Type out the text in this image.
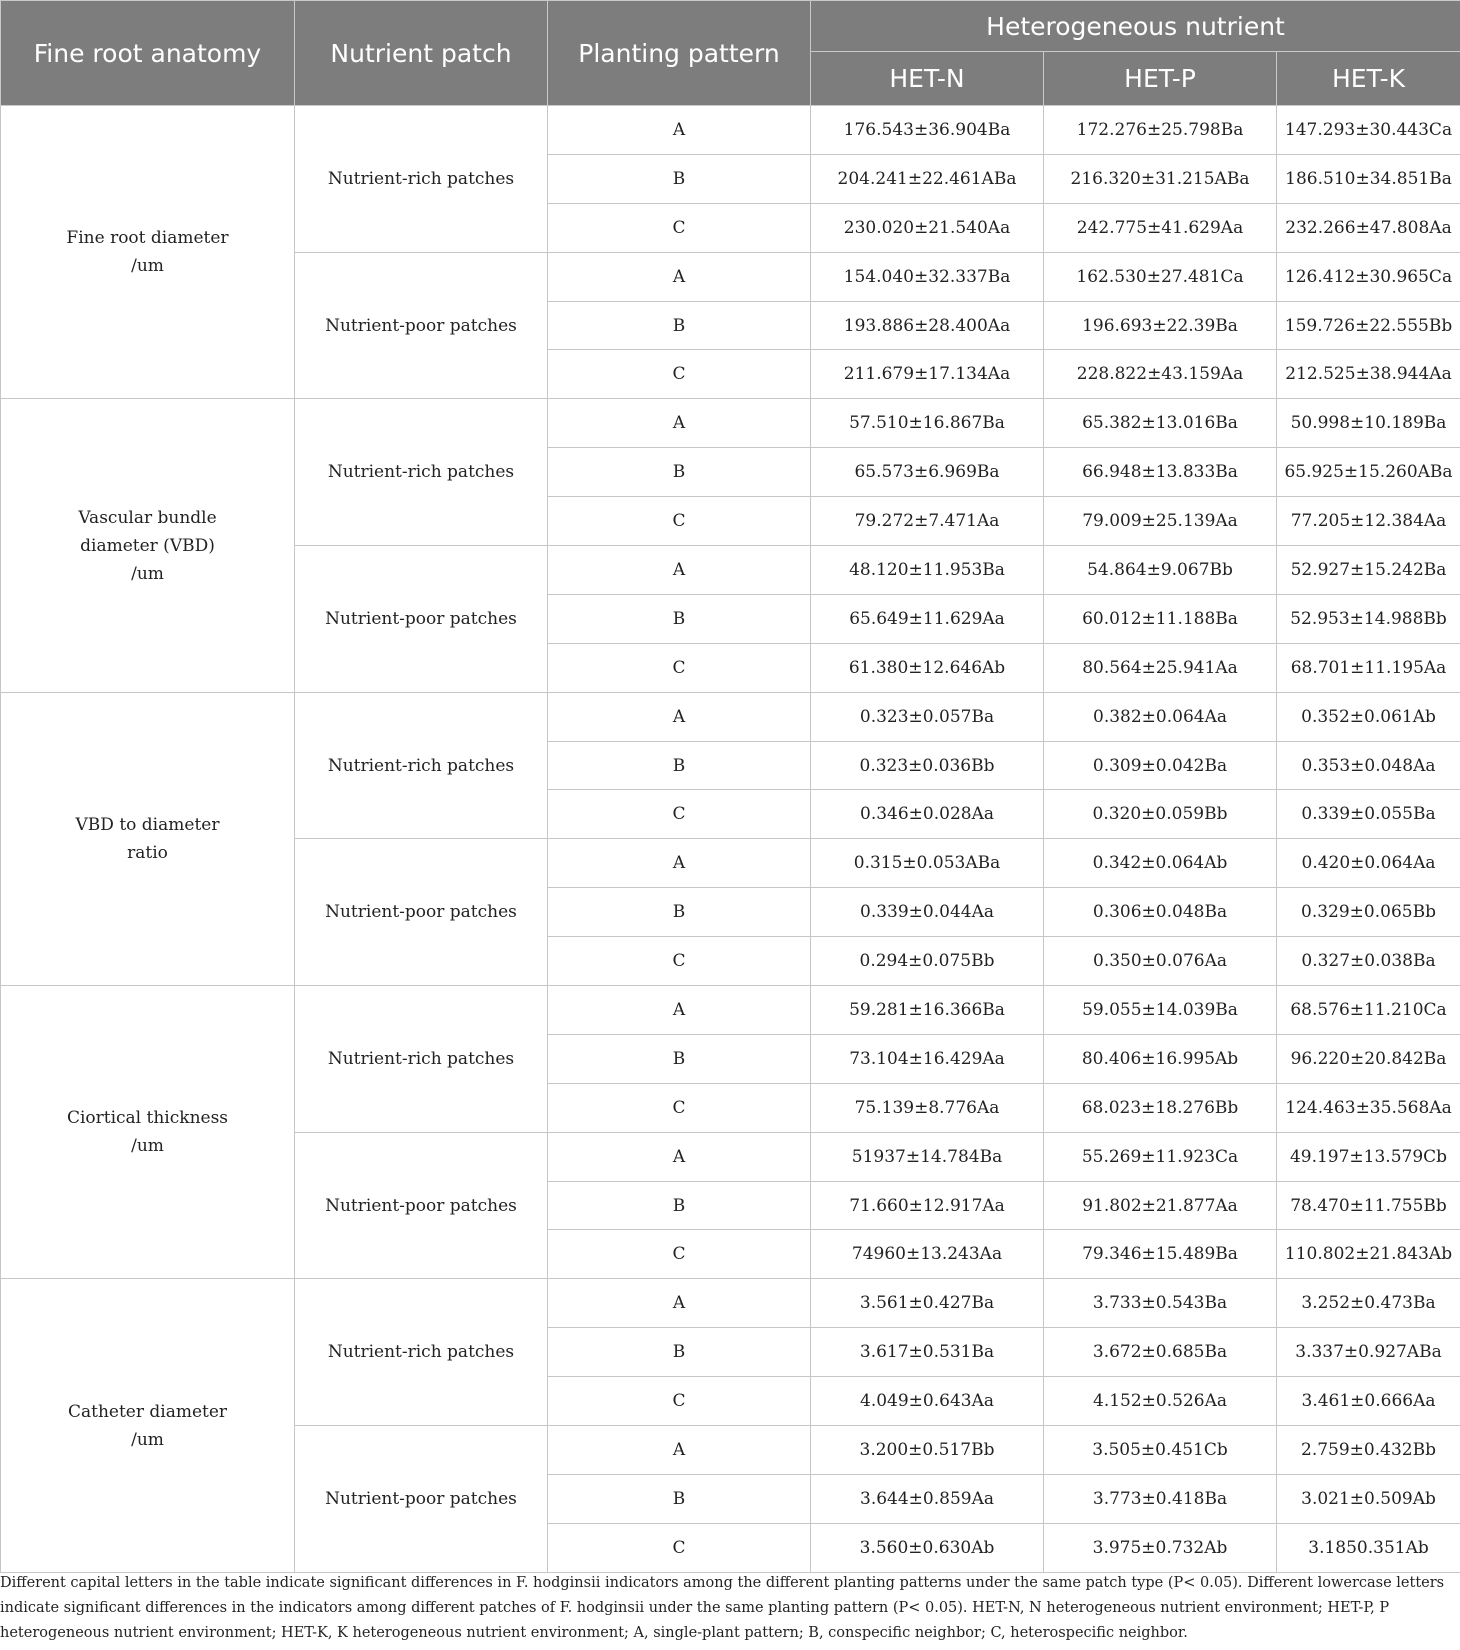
Fine root anatomy	Nutrient patch	Planting pattern	Heterogeneous nutrient		
			HET-N	HET-P	HET-K
Fine root diameter
/um	Nutrient-rich patches	A	176.543±36.904Ba	172.276±25.798Ba	147.293±30.443Ca
		B	204.241±22.461ABa	216.320±31.215ABa	186.510±34.851Ba
		C	230.020±21.540Aa	242.775±41.629Aa	232.266±47.808Aa
	Nutrient-poor patches	A	154.040±32.337Ba	162.530±27.481Ca	126.412±30.965Ca
		B	193.886±28.400Aa	196.693±22.39Ba	159.726±22.555Bb
		C	211.679±17.134Aa	228.822±43.159Aa	212.525±38.944Aa
Vascular bundle
diameter (VBD)
/um	Nutrient-rich patches	A	57.510±16.867Ba	65.382±13.016Ba	50.998±10.189Ba
		B	65.573±6.969Ba	66.948±13.833Ba	65.925±15.260ABa
		C	79.272±7.471Aa	79.009±25.139Aa	77.205±12.384Aa
	Nutrient-poor patches	A	48.120±11.953Ba	54.864±9.067Bb	52.927±15.242Ba
		B	65.649±11.629Aa	60.012±11.188Ba	52.953±14.988Bb
		C	61.380±12.646Ab	80.564±25.941Aa	68.701±11.195Aa
VBD to diameter
ratio	Nutrient-rich patches	A	0.323±0.057Ba	0.382±0.064Aa	0.352±0.061Ab
		B	0.323±0.036Bb	0.309±0.042Ba	0.353±0.048Aa
		C	0.346±0.028Aa	0.320±0.059Bb	0.339±0.055Ba
	Nutrient-poor patches	A	0.315±0.053ABa	0.342±0.064Ab	0.420±0.064Aa
		B	0.339±0.044Aa	0.306±0.048Ba	0.329±0.065Bb
		C	0.294±0.075Bb	0.350±0.076Aa	0.327±0.038Ba
Ciortical thickness
/um	Nutrient-rich patches	A	59.281±16.366Ba	59.055±14.039Ba	68.576±11.210Ca
		B	73.104±16.429Aa	80.406±16.995Ab	96.220±20.842Ba
		C	75.139±8.776Aa	68.023±18.276Bb	124.463±35.568Aa
	Nutrient-poor patches	A	51937±14.784Ba	55.269±11.923Ca	49.197±13.579Cb
		B	71.660±12.917Aa	91.802±21.877Aa	78.470±11.755Bb
		C	74960±13.243Aa	79.346±15.489Ba	110.802±21.843Ab
Catheter diameter
/um	Nutrient-rich patches	A	3.561±0.427Ba	3.733±0.543Ba	3.252±0.473Ba
		B	3.617±0.531Ba	3.672±0.685Ba	3.337±0.927ABa
		C	4.049±0.643Aa	4.152±0.526Aa	3.461±0.666Aa
	Nutrient-poor patches	A	3.200±0.517Bb	3.505±0.451Cb	2.759±0.432Bb
		B	3.644±0.859Aa	3.773±0.418Ba	3.021±0.509Ab
		C	3.560±0.630Ab	3.975±0.732Ab	3.1850.351Ab

Different capital letters in the table indicate significant differences in F. hodginsii indicators among the different planting patterns under the same patch type (P< 0.05). Different lowercase letters indicate significant differences in the indicators among different patches of F. hodginsii under the same planting pattern (P< 0.05). HET-N, N heterogeneous nutrient environment; HET-P, P heterogeneous nutrient environment; HET-K, K heterogeneous nutrient environment; A, single-plant pattern; B, conspecific neighbor; C, heterospecific neighbor.
